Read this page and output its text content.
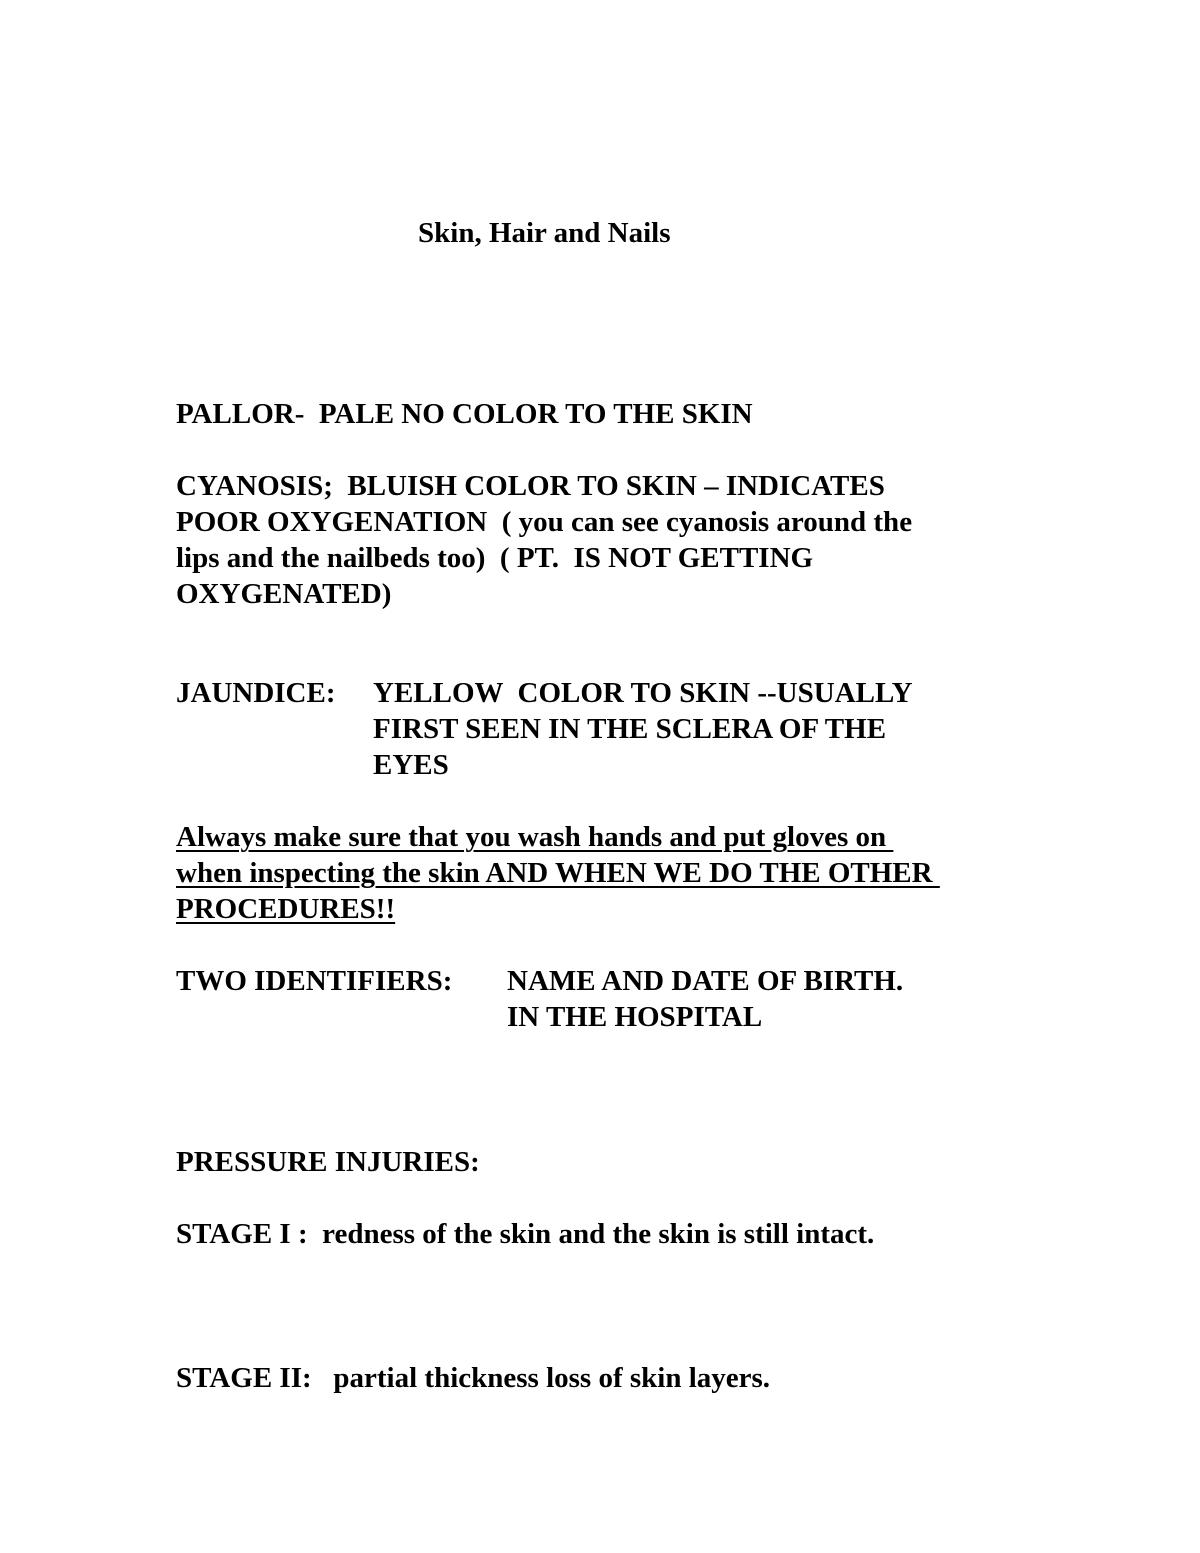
Skin, Hair and Nails

PALLOR-  PALE NO COLOR TO THE SKIN

CYANOSIS;  BLUISH COLOR TO SKIN – INDICATES

POOR OXYGENATION  ( you can see cyanosis around the

lips and the nailbeds too)  ( PT.  IS NOT GETTING

OXYGENATED)

JAUNDICE: YELLOW  COLOR TO SKIN --USUALLY

FIRST SEEN IN THE SCLERA OF THE

EYES

Always make sure that you wash hands and put gloves on

when inspecting the skin AND WHEN WE DO THE OTHER

PROCEDURES!!

TWO IDENTIFIERS: NAME AND DATE OF BIRTH.

IN THE HOSPITAL

PRESSURE INJURIES:

STAGE I :  redness of the skin and the skin is still intact.

STAGE II:   partial thickness loss of skin layers.
